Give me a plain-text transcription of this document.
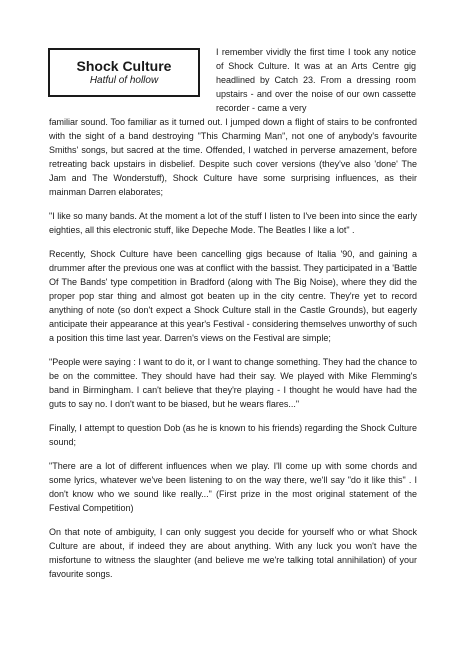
Shock Culture
Hatful of hollow

I remember vividly the first time I took any notice of Shock Culture. It was at an Arts Centre gig headlined by Catch 23. From a dressing room upstairs - and over the noise of our own cassette recorder - came a very

familiar sound. Too familiar as it turned out. I jumped down a flight of stairs to be confronted with the sight of a band destroying "This Charming Man", not one of anybody's favourite Smiths' songs, but sacred at the time. Offended, I watched in perverse amazement, before retreating back upstairs in disbelief. Despite such cover versions (they've also 'done' The Jam and The Wonderstuff), Shock Culture have some surprising influences, as their mainman Darren elaborates;

"I like so many bands. At the moment a lot of the stuff I listen to I've been into since the early eighties, all this electronic stuff, like Depeche Mode. The Beatles I like a lot" .

Recently, Shock Culture have been cancelling gigs because of Italia '90, and gaining a drummer after the previous one was at conflict with the bassist. They participated in a 'Battle Of The Bands' type competition in Bradford (along with The Big Noise), where they did the proper pop star thing and almost got beaten up in the city centre. They're yet to record anything of note (so don't expect a Shock Culture stall in the Castle Grounds), but eagerly anticipate their appearance at this year's Festival - considering themselves unworthy of such a position this time last year. Darren's views on the Festival are simple;

"People were saying : I want to do it, or I want to change something. They had the chance to be on the committee. They should have had their say. We played with Mike Flemming's band in Birmingham. I can't believe that they're playing - I thought he would have had the guts to say no. I don't want to be biased, but he wears flares..."

Finally, I attempt to question Dob (as he is known to his friends) regarding the Shock Culture sound;

"There are a lot of different influences when we play. I'll come up with some chords and some lyrics, whatever we've been listening to on the way there, we'll say "do it like this" . I don't know who we sound like really..." (First prize in the most original statement of the Festival Competition)

On that note of ambiguity, I can only suggest you decide for yourself who or what Shock Culture are about, if indeed they are about anything. With any luck you won't have the misfortune to witness the slaughter (and believe me we're talking total annihilation) of your favourite songs.
